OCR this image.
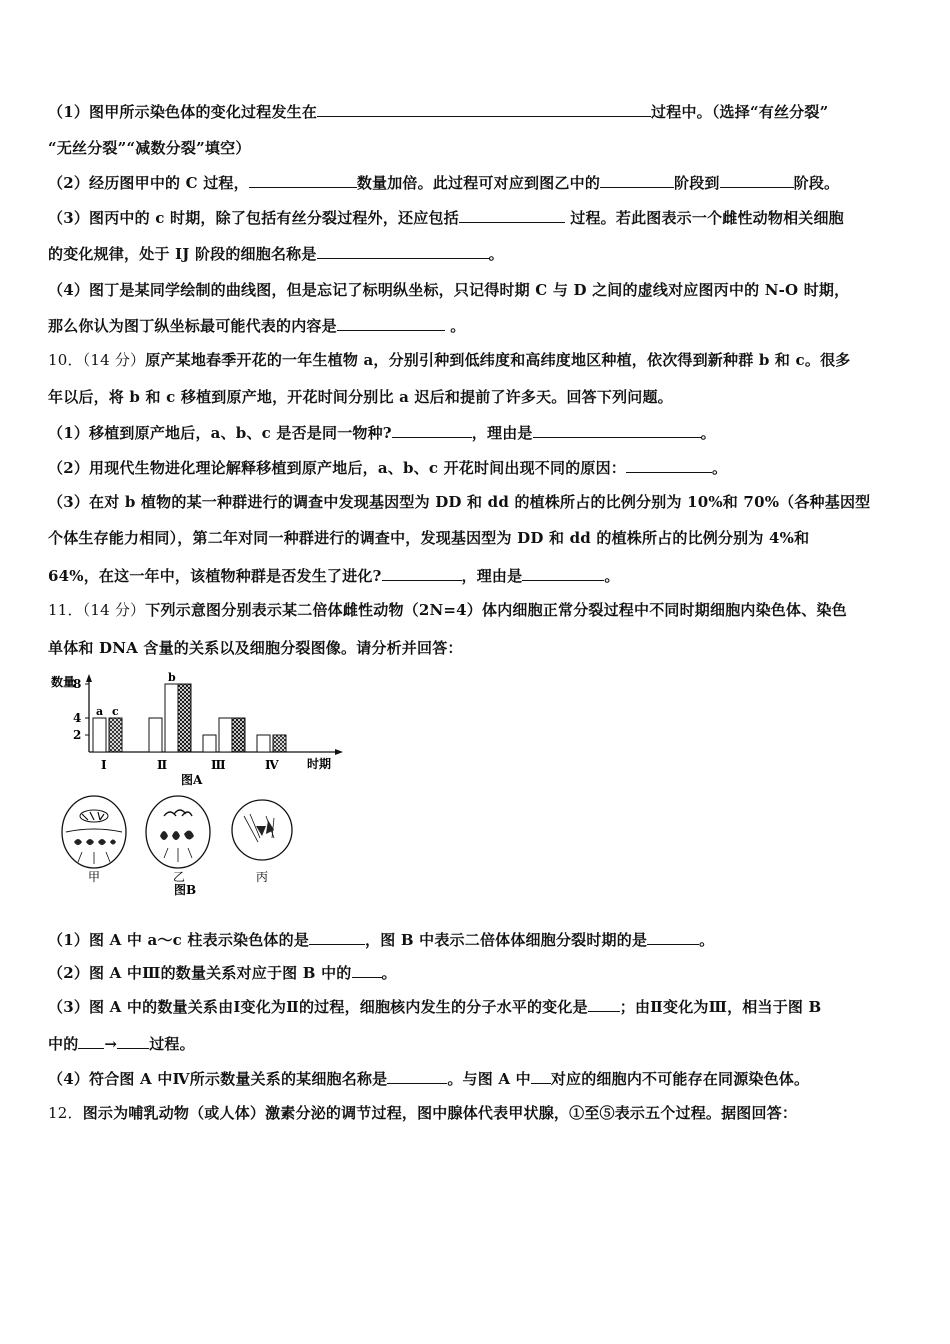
（1）图甲所示染色体的变化过程发生在	过程中。（选择“有丝分裂”
“无丝分裂”“减数分裂”填空）
（2）经历图甲中的 C 过程，	数量加倍。此过程可对应到图乙中的	阶段到	阶段。
（3）图丙中的 c 时期，除了包括有丝分裂过程外，还应包括	过程。若此图表示一个雌性动物相关细胞
的变化规律，处于 IJ 阶段的细胞名称是	。
（4）图丁是某同学绘制的曲线图，但是忘记了标明纵坐标，只记得时期 C 与 D 之间的虚线对应图丙中的 N-O 时期，
那么你认为图丁纵坐标最可能代表的内容是	。
10．（14 分）原产某地春季开花的一年生植物 a，分别引种到低纬度和高纬度地区种植，依次得到新种群 b 和 c。很多
年以后，将 b 和 c 移植到原产地，开花时间分别比 a 迟后和提前了许多天。回答下列问题。
（1）移植到原产地后，a、b、c 是否是同一物种?	，理由是	。
（2）用现代生物进化理论解释移植到原产地后，a、b、c 开花时间出现不同的原因：	。
（3）在对 b 植物的某一种群进行的调查中发现基因型为 DD 和 dd 的植株所占的比例分别为 10%和 70%（各种基因型
个体生存能力相同），第二年对同一种群进行的调查中，发现基因型为 DD 和 dd 的植株所占的比例分别为 4%和
64%，在这一年中，该植物种群是否发生了进化?	，理由是	。
11．（14 分）下列示意图分别表示某二倍体雌性动物（2N=4）体内细胞正常分裂过程中不同时期细胞内染色体、染色
单体和 DNA 含量的关系以及细胞分裂图像。请分析并回答：
2
4
8
a c
Ⅰ
b
Ⅱ	Ⅲ	Ⅳ
数量
时期
图A
甲	乙	丙
图B
（1）图 A 中 a～c 柱表示染色体的是	，图 B 中表示二倍体体细胞分裂时期的是	。
（2）图 A 中Ⅲ的数量关系对应于图 B 中的 。
（3）图 A 中的数量关系由Ⅰ变化为Ⅱ的过程，细胞核内发生的分子水平的变化是 ；由Ⅱ变化为Ⅲ，相当于图 B
中的 → 过程。
（4）符合图 A 中Ⅳ所示数量关系的某细胞名称是	。与图 A 中 对应的细胞内不可能存在同源染色体。
12．图示为哺乳动物（或人体）激素分泌的调节过程，图中腺体代表甲状腺，①至⑤表示五个过程。据图回答：
